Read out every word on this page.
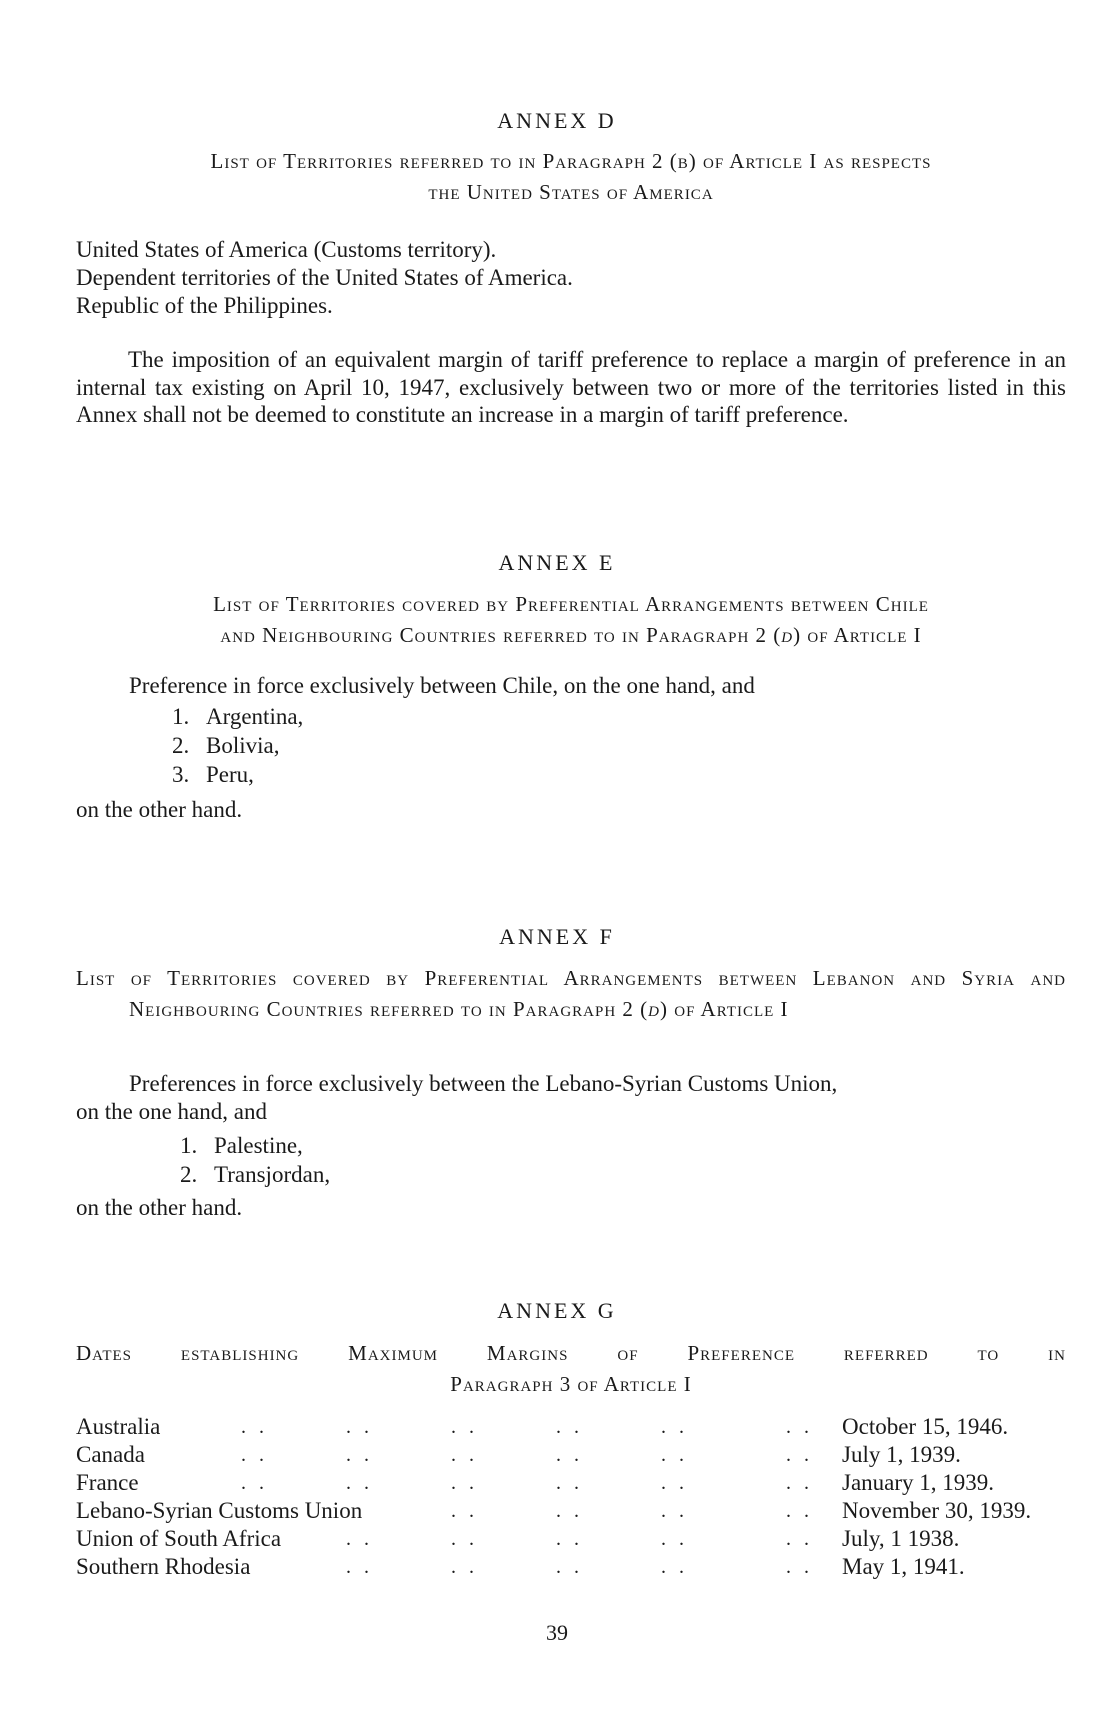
ANNEX D
List of Territories referred to in Paragraph 2 (b) of Article I as respects
the United States of America
United States of America (Customs territory).
Dependent territories of the United States of America.
Republic of the Philippines.
The imposition of an equivalent margin of tariff preference to replace a margin of preference in an internal tax existing on April 10, 1947, exclusively between two or more of the territories listed in this Annex shall not be deemed to constitute an increase in a margin of tariff preference.
ANNEX E
List of Territories covered by Preferential Arrangements between Chile
and Neighbouring Countries referred to in Paragraph 2 (d) of Article I
Preference in force exclusively between Chile, on the one hand, and
1. Argentina,
2. Bolivia,
3. Peru,
on the other hand.
ANNEX F
List of Territories covered by Preferential Arrangements between Lebanon and Syria and Neighbouring Countries referred to in Paragraph 2 (d) of Article I
Preferences in force exclusively between the Lebano-Syrian Customs Union,
on the one hand, and
1. Palestine,
2. Transjordan,
on the other hand.
ANNEX G
Dates establishing Maximum Margins of Preference referred to in
Paragraph 3 of Article I
Australia	. .	. .	. .	. .	. .	. . October 15, 1946.
Canada	. .	. .	. .	. .	. .	. . July 1, 1939.
France	. .	. .	. .	. .	. .	. . January 1, 1939.
Lebano-Syrian Customs Union	. .	. .	. .	. . November 30, 1939.
Union of South Africa	. .	. .	. .	. .	. . July, 1 1938.
Southern Rhodesia	. .	. .	. .	. .	. . May 1, 1941.
39
